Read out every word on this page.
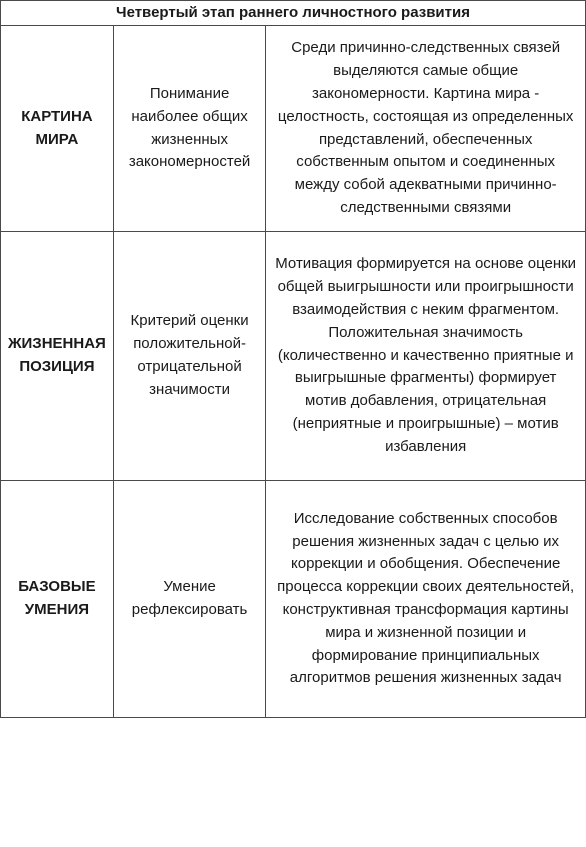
Четвертый этап раннего личностного развития		
КАРТИНА МИРА	Понимание наиболее общих жизненных закономерностей	Среди причинно-следственных связей выделяются самые общие закономерности. Картина мира - целостность, состоящая из определенных представлений, обеспеченных собственным опытом и соединенных между собой адекватными причинно-следственными связями
ЖИЗНЕННАЯ ПОЗИЦИЯ	Критерий оценки положительной-отрицательной значимости	Мотивация формируется на основе оценки общей выигрышности или проигрышности взаимодействия с неким фрагментом. Положительная значимость (количественно и качественно приятные и выигрышные фрагменты) формирует мотив добавления, отрицательная (неприятные и проигрышные) – мотив избавления
БАЗОВЫЕ УМЕНИЯ	Умение рефлексировать	Исследование собственных способов решения жизненных задач с целью их коррекции и обобщения. Обеспечение процесса коррекции своих деятельностей, конструктивная трансформация картины мира и жизненной позиции и формирование принципиальных алгоритмов решения жизненных задач
